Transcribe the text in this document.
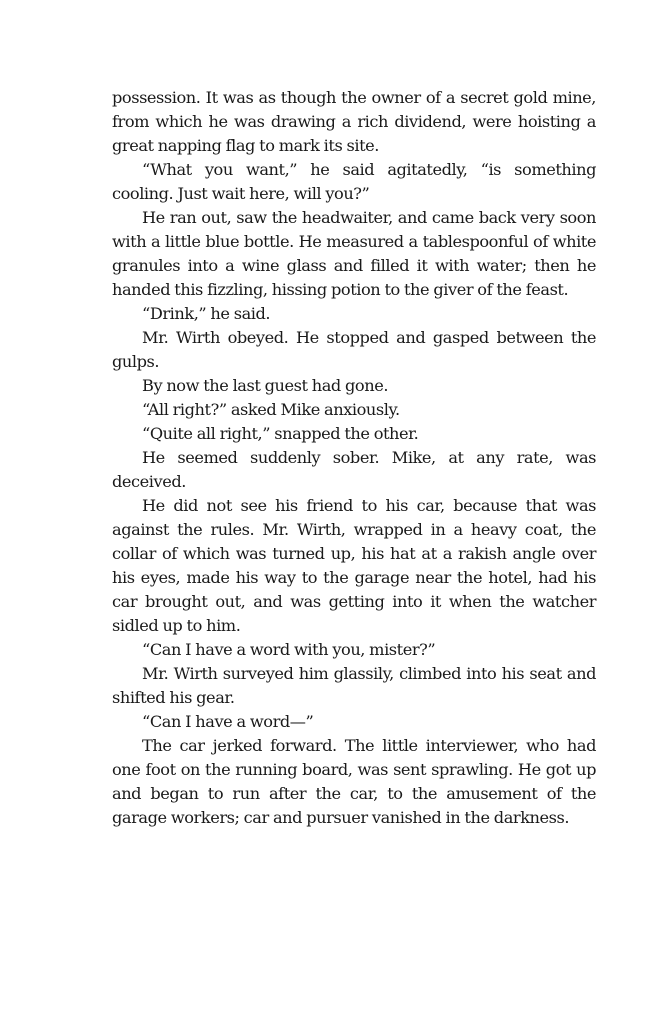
possession. It was as though the owner of a secret gold mine, from which he was drawing a rich dividend, were hoisting a great napping flag to mark its site.

“What you want,” he said agitatedly, “is something cooling. Just wait here, will you?”

He ran out, saw the headwaiter, and came back very soon with a little blue bottle. He measured a tablespoonful of white granules into a wine glass and filled it with water; then he handed this fizzling, hissing potion to the giver of the feast.

“Drink,” he said.

Mr. Wirth obeyed. He stopped and gasped between the gulps.

By now the last guest had gone.

“All right?” asked Mike anxiously.

“Quite all right,” snapped the other.

He seemed suddenly sober. Mike, at any rate, was deceived.

He did not see his friend to his car, because that was against the rules. Mr. Wirth, wrapped in a heavy coat, the collar of which was turned up, his hat at a rakish angle over his eyes, made his way to the garage near the hotel, had his car brought out, and was getting into it when the watcher sidled up to him.

“Can I have a word with you, mister?”

Mr. Wirth surveyed him glassily, climbed into his seat and shifted his gear.

“Can I have a word—”

The car jerked forward. The little interviewer, who had one foot on the running board, was sent sprawling. He got up and began to run after the car, to the amusement of the garage workers; car and pursuer vanished in the darkness.
